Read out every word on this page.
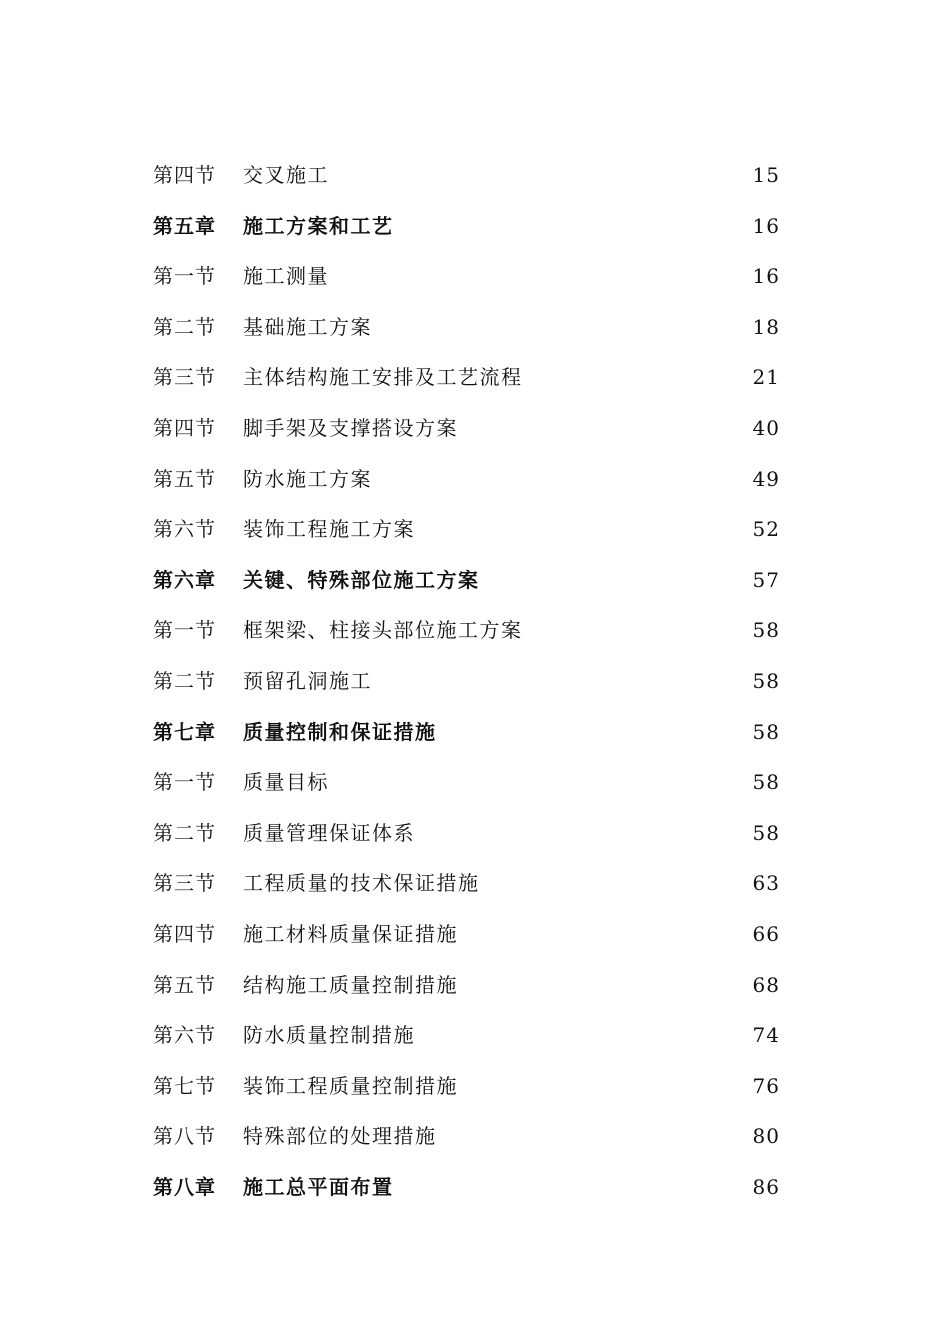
第四节 交叉施工	15
第五章 施工方案和工艺	16
第一节 施工测量	16
第二节 基础施工方案	18
第三节 主体结构施工安排及工艺流程	21
第四节 脚手架及支撑搭设方案	40
第五节 防水施工方案	49
第六节 装饰工程施工方案	52
第六章 关键、特殊部位施工方案	57
第一节 框架梁、柱接头部位施工方案	58
第二节 预留孔洞施工	58
第七章 质量控制和保证措施	58
第一节 质量目标	58
第二节 质量管理保证体系	58
第三节 工程质量的技术保证措施	63
第四节 施工材料质量保证措施	66
第五节 结构施工质量控制措施	68
第六节 防水质量控制措施	74
第七节 装饰工程质量控制措施	76
第八节 特殊部位的处理措施	80
第八章 施工总平面布置	86
